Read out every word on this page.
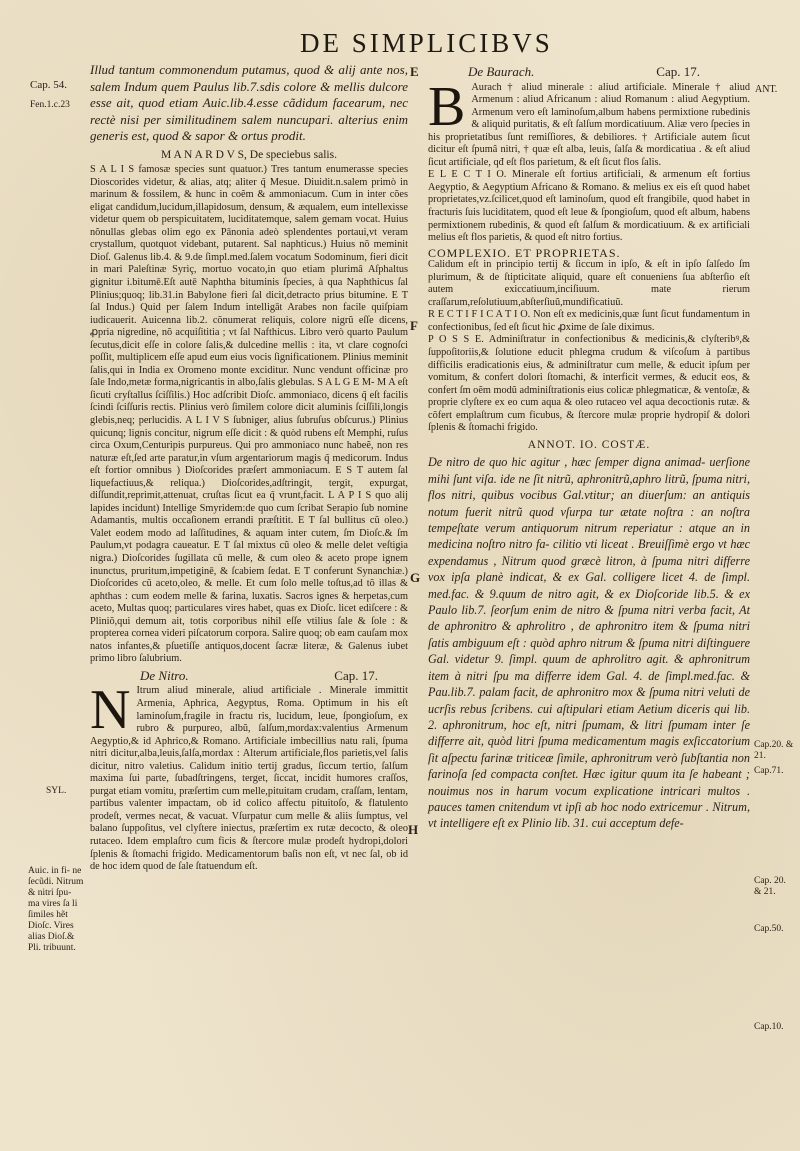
DE SIMPLICIBVS

Illud tantum commonendum putamus, quod & alij ante nos, salem Indum quem Paulus lib.7.sdis colore & mellis dulcore esse ait, quod etiam Auic.lib.4.esse cãdidum facearum, nec rectè nisi per similitudinem salem nuncupari. alterius enim generis est, quod & sapor & ortus prodit.

M A N A R D V S, De speciebus salis.

S A L I S famosæ species sunt quatuor.) Tres tantum enumerasse species Dioscorides videtur, & alias, atq; aliter q̃ Mesue. Diuidit.n.salem primò in marinum & fossilem, & hunc in coẽm & ammoniacum. Cum in inter cões eligat candidum,lucidum,illapidosum, densum, & æqualem, eum intellexisse videtur quem ob perspicuitatem, luciditatemque, salem gemam vocat. Huius nõnullas glebas olim ego ex Pānonia adeò splendentes portaui,vt veram crystallum, quotquot videbant, putarent. Sal naphticus.) Huius nõ meminit Dioſ. Galenus lib.4. & 9.de ſimpl.med.ſalem vocatum Sodominum, fieri dicit in mari Paleſtinæ Syriç, mortuo vocato,in quo etiam plurimâ Aſphaltus gignitur i.bitumē.Eſt autē Naphtha bituminis ſpecies, à qua Naphthicus ſal Plinius;quoq; lib.31.in Babylone fieri ſal dicit,detracto prius bitumine. E T ſal Indus.) Quid per ſalem Indum intelligāt Arabes non facile quiſpiam iudicauerit. Auicenna lib.2. cõnumerat reliquis, colore nigrũ eſſe dicens, ꝓpria nigredine, nõ acquiſititia ; vt ſal Nafthicus. Libro verò quarto Paulum ſecutus,dicit eſſe in colore ſalis,& dulcedine mellis : ita, vt clare cognoſci poſſit, multiplicem eſſe apud eum eius vocis ſignificationem. Plinius meminit ſalis,qui in India ex Oromeno monte exciditur. Nunc vendunt officinæ pro ſale Indo,metæ forma,nigricantis in albo,ſalis glebulas. S A L G E M- M A eſt ſicuti cryſtallus ſciſſilis.) Hoc adſcribit Dioſc. ammoniaco, dicens q̃ eſt facilis ſcindi ſciſſuris rectis. Plinius verò ſimilem colore dicit aluminis ſciſſili,longis glebis,neq; perlucidis. A L I V S ſubniger, alius ſubruſus obſcurus.) Plinius quicunq; lignis concitur, nigrum eſſe dicit : & quòd rubens eſt Memphi, ruſus circa Oxum,Centuripis purpureus. Qui pro ammoniaco nunc habeẽ, non res naturæ eſt,ſed arte paratur,in vſum argentariorum magis q̃ medicorum. Indus eſt fortior omnibus ) Dioſcorides præſert ammoniacum. E S T autem ſal liquefactiuus,& reliqua.) Dioſcorides,adſtringit, tergit, expurgat, diſſundit,reprimit,attenuat, cruſtas ſicut ea q̃ vrunt,facit. L A P I S quo alij lapides incidunt) Intellige Smyridem:de quo cum ſcribat Serapio ſub nomine Adamantis, multis occaſionem errandi præſtitit. E T ſal bullitus cũ oleo.) Valet eodem modo ad laſſitudines, & aquam inter cutem, ſm Dioſc.& ſm Paulum,vt podagra caueatur. E T ſal mixtus cũ oleo & melle delet veſtigia nigra.) Dioſcorides ſugillata cũ melle, & cum oleo & aceto prope ignem inunctus, pruritum,impetiginē, & ſcabiem ſedat. E T conferunt Synanchiæ.) Dioſcorides cũ aceto,oleo, & melle. Et cum ſolo melle toſtus,ad tõ illas & aphthas : cum eodem melle & farina, luxatis. Sacros ignes & herpetas,cum aceto, Multas quoq; particulares vires habet, quas ex Dioſc. licet ediſcere : & Pliniõ,qui demum ait, totis corporibus nihil eſſe vtilius ſale & ſole : & propterea cornea videri piſcatorum corpora. Salire quoq; ob eam cauſam mox natos infantes,& pſuetiſſe antiquos,docent ſacræ literæ, & Galenus iubet primo libro ſalubrium.

De Nitro.	Cap. 17.

N Itrum aliud minerale, aliud artificiale . Minerale immittit Armenia, Aphrica, Aegyptus, Roma. Optimum in his eſt laminoſum,fragile in fractu ris, lucidum, leue, ſpongioſum, ex rubro & purpureo, albũ, ſalſum,mordax:valentius Armenum Aegyptio,& id Aphrico,& Romano. Artificiale imbecillius natu rali, ſpuma nitri dicitur,alba,leuis,ſalſa,mordax : Alterum artificiale,flos parietis,vel ſalis dicitur, nitro valetius. Calidum initio tertij gradus, ſiccum tertio, ſalſum maxima ſui parte, ſubadſtringens, terget, ſiccat, incidit humores craſſos, purgat etiam vomitu, præſertim cum melle,pituitam crudam, craſſam, lentam, partibus valenter impactam, ob id colico affectu pituitoſo, & flatulento prodeſt, vermes necat, & vacuat. Vſurpatur cum melle & aliis ſumptus, vel balano ſuppoſitus, vel clyſtere iniectus, præſertim ex rutæ decocto, & oleo rutaceo. Idem emplaſtro cum ficis & ſtercore mulæ prodeſt hydropi,dolori ſplenis & ſtomachi frigido. Medicamentorum baſis non eſt, vt nec ſal, ob id de hoc idem quod de ſale ſtatuendum eſt.

De Baurach.	Cap. 17.

B Aurach † aliud minerale : aliud artificiale. Minerale † aliud Armenum : aliud Africanum : aliud Romanum : aliud Aegyptium. Armenum vero eſt laminoſum,album habens permixtione rubedinis & aliquid puritatis, & eſt ſalſum mordicatiuum. Aliæ vero ſpecies in his proprietatibus ſunt remiſſiores, & debiliores. † Artificiale autem ſicut dicitur eſt ſpumâ nitri, † quæ eſt alba, leuis, ſalſa & mordicatiua . & eſt aliud ſicut artificiale, qđ eſt flos parietum, & eſt ſicut flos ſalis.

E L E C T I O. Minerale eſt fortius artificiali, & armenum eſt fortius Aegyptio, & Aegyptium Africano & Romano. & melius ex eis eſt quod habet proprietates,vz.ſcilicet,quod eſt laminoſum, quod eſt frangibile, quod habet in fracturis ſuis luciditatem, quod eſt leue & ſpongioſum, quod eſt album, habens permixtionem rubedinis, & quod eſt ſalſum & mordicatiuum. & ex artificiali melius eſt flos parietis, & quod eſt nitro fortius.

COMPLEXIO. ET PROPRIETAS.

Calidum eſt in principio tertij & ſiccum in ipſo, & eſt in ipſo ſalſedo ſm plurimum, & de ſtipticitate aliquid, quare eſt conueniens ſua abſterſio eſt autem exiccatiuum,inciſiuum. mate rierum craſſarum,reſolutiuum,abſterſiuũ,mundificatiuũ.

R E C T I F I C A T I O. Non eſt ex medicinis,quæ ſunt ſicut fundamentum in confectionibus, ſed eſt ſicut hic ꝓxime de ſale diximus.

P O S S E. Adminiſtratur in confectionibus & medicinis,& clyſteribꝰ,& ſuppoſitoriis,& ſolutione educit phlegma crudum & viſcoſum à partibus difficilis eradicationis eius, & adminiſtratur cum melle, & educit ipſum per vomitum, & confert dolori ſtomachi, & interficit vermes, & educit eos, & confert ſm oẽm modũ adminiſtrationis eius colicæ phlegmaticæ, & ventoſæ, & proprie clyſtere ex eo cum aqua & oleo rutaceo vel aqua decoctionis rutæ. & cõfert emplaſtrum cum ficubus, & ſtercore mulæ proprie hydropiſ & dolori ſplenis & ſtomachi frigido.

ANNOT. IO. COSTÆ.

De nitro de quo hic agitur , hæc ſemper digna animad- uerſione mihi ſunt viſa. ide ne ſit nitrũ, aphronitrũ,aphro litrũ, ſpuma nitri, flos nitri, quibus vocibus Gal.vtitur; an diuerſum: an antiquis notum fuerit nitrũ quod vſurpa tur ætate noſtra : an noſtra tempeſtate verum antiquorum nitrum reperiatur : atque an in medicina noſtro nitro fa- cilitio vti liceat . Breuiſſimè ergo vt hæc expendamus , Nitrum quod græcè litron, à ſpuma nitri differre vox ipſa planè indicat, & ex Gal. colligere licet 4. de ſimpl. med.fac. & 9.quum de nitro agit, & ex Dioſcoride lib.5. & ex Paulo lib.7. ſeorſum enim de nitro & ſpuma nitri verba facit, At de aphronitro & aphrolitro , de aphronitro item & ſpuma nitri ſatis ambiguum eſt : quòd aphro nitrum & ſpuma nitri diſtinguere Gal. videtur 9. ſimpl. quum de aphrolitro agit. & aphronitrum item à nitri ſpu ma differre idem Gal. 4. de ſimpl.med.fac. & Pau.lib.7. palam facit, de aphronitro mox & ſpuma nitri veluti de ucrſis rebus ſcribens. cui aſtipulari etiam Aetium diceris qui lib. 2. aphronitrum, hoc eſt, nitri ſpumam, & litri ſpumam inter ſe differre ait, quòd litri ſpuma medicamentum magis exſiccatorium ſit aſpectu farinæ triticeæ ſimile, aphronitrum verò ſubſtantia non farinoſa ſed compacta conſtet. Hæc igitur quum ita ſe habeant ; nouimus nos in harum vocum explicatione intricari multos . pauces tamen cnitendum vt ipſi ab hoc nodo extricemur . Nitrum, vt intelligere eſt ex Plinio lib. 31. cui acceptum defe-

Cap. 54.
Fen.1.c.23
SYL.
Auic. in fi- ne ſecũdi. Nitrum & nitri ſpu- ma vires ſa li ſimiles hẽt Dioſc. Vires alias Dioſ.& Pli. tribuunt.
ANT.
Cap.20. & 21.
Cap.71.
Cap. 20. & 21.
Cap.50.
Cap.10.
E
F
G
H
